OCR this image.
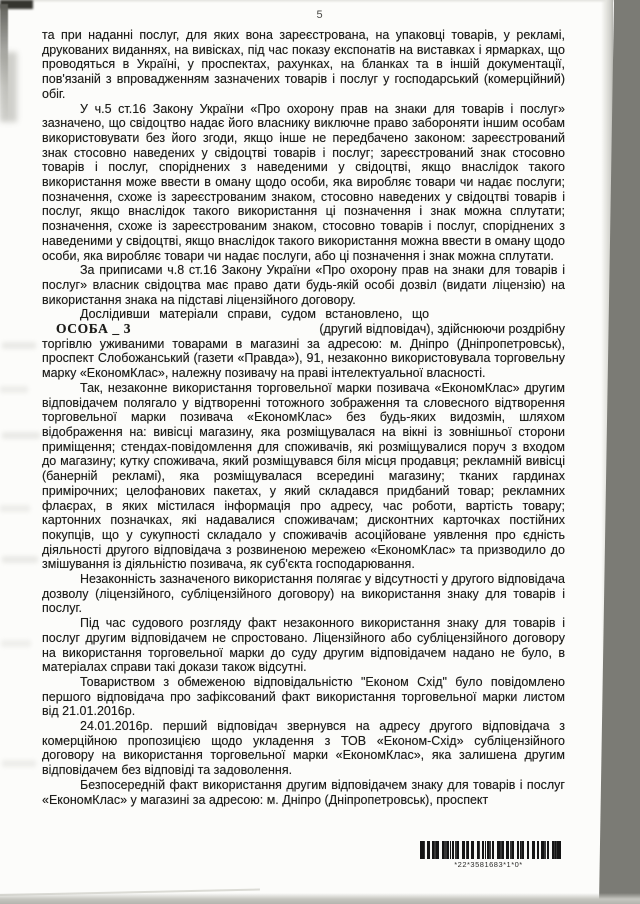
5

та при наданні послуг, для яких вона зареєстрована, на упаковці товарів, у рекламі, друкованих виданнях, на вивісках, під час показу експонатів на виставках і ярмарках, що проводяться в Україні, у проспектах, рахунках, на бланках та в іншій документації, пов'язаній з впровадженням зазначених товарів і послуг у господарський (комерційний) обіг.

У ч.5 ст.16 Закону України «Про охорону прав на знаки для товарів і послуг» зазначено, що свідоцтво надає його власнику виключне право забороняти іншим особам використовувати без його згоди, якщо інше не передбачено законом: зареєстрований знак стосовно наведених у свідоцтві товарів і послуг; зареєстрований знак стосовно товарів і послуг, споріднених з наведеними у свідоцтві, якщо внаслідок такого використання може ввести в оману щодо особи, яка виробляє товари чи надає послуги; позначення, схоже із зареєстрованим знаком, стосовно наведених у свідоцтві товарів і послуг, якщо внаслідок такого використання ці позначення і знак можна сплутати; позначення, схоже із зареєстрованим знаком, стосовно товарів і послуг, споріднених з наведеними у свідоцтві, якщо внаслідок такого використання можна ввести в оману щодо особи, яка виробляє товари чи надає послуги, або ці позначення і знак можна сплутати.

За приписами ч.8 ст.16 Закону України «Про охорону прав на знаки для товарів і послуг» власник свідоцтва має право дати будь-якій особі дозвіл (видати ліцензію) на використання знака на підставі ліцензійного договору.

Дослідивши матеріали справи, судом встановлено, що

ОСОБА _ 3	(другий відповідач), здійснюючи роздрібну

торгівлю уживаними товарами в магазині за адресою: м. Дніпро (Дніпропетровськ), проспект Слобожанський (газети «Правда»), 91, незаконно використовувала торговельну марку «ЕкономКлас», належну позивачу на праві інтелектуальної власності.

Так, незаконне використання торговельної марки позивача «ЕкономКлас» другим відповідачем полягало у відтворенні тотожного зображення та словесного відтворення торговельної марки позивача «ЕкономКлас» без будь-яких видозмін, шляхом відображення на: вивісці магазину, яка розміщувалася на вікні із зовнішньої сторони приміщення; стендах-повідомлення для споживачів, які розміщувалися поруч з входом до магазину; кутку споживача, який розміщувався біля місця продавця; рекламній вивісці (банерній рекламі), яка розміщувалася всередині магазину; тканих гардинах примірочних; целофанових пакетах, у який складався придбаний товар; рекламних флаєрах, в яких містилася інформація про адресу, час роботи, вартість товару; картонних позначках, які надавалися споживачам; дисконтних карточках постійних покупців, що у сукупності складало у споживачів асоційоване уявлення про єдність діяльності другого відповідача з розвиненою мережею «ЕкономКлас» та призводило до змішування із діяльністю позивача, як суб'єкта господарювання.

Незаконність зазначеного використання полягає у відсутності у другого відповідача дозволу (ліцензійного, субліцензійного договору) на використання знаку для товарів і послуг.

Під час судового розгляду факт незаконного використання знаку для товарів і послуг другим відповідачем не спростовано. Ліцензійного або субліцензійного договору на використання торговельної марки до суду другим відповідачем надано не було, в матеріалах справи такі докази також відсутні.

Товариством з обмеженою відповідальністю "Економ Схід" було повідомлено першого відповідача про зафіксований факт використання торговельної марки листом від 21.01.2016р.

24.01.2016р. перший відповідач звернувся на адресу другого відповідача з комерційною пропозицією щодо укладення з ТОВ «Економ-Схід» субліцензійного договору на використання торговельної марки «ЕкономКлас», яка залишена другим відповідачем без відповіді та задоволення.

Безпосередній факт використання другим відповідачем знаку для товарів і послуг «ЕкономКлас» у магазині за адресою: м. Дніпро (Дніпропетровськ), проспект

*22*3581683*1*0*
